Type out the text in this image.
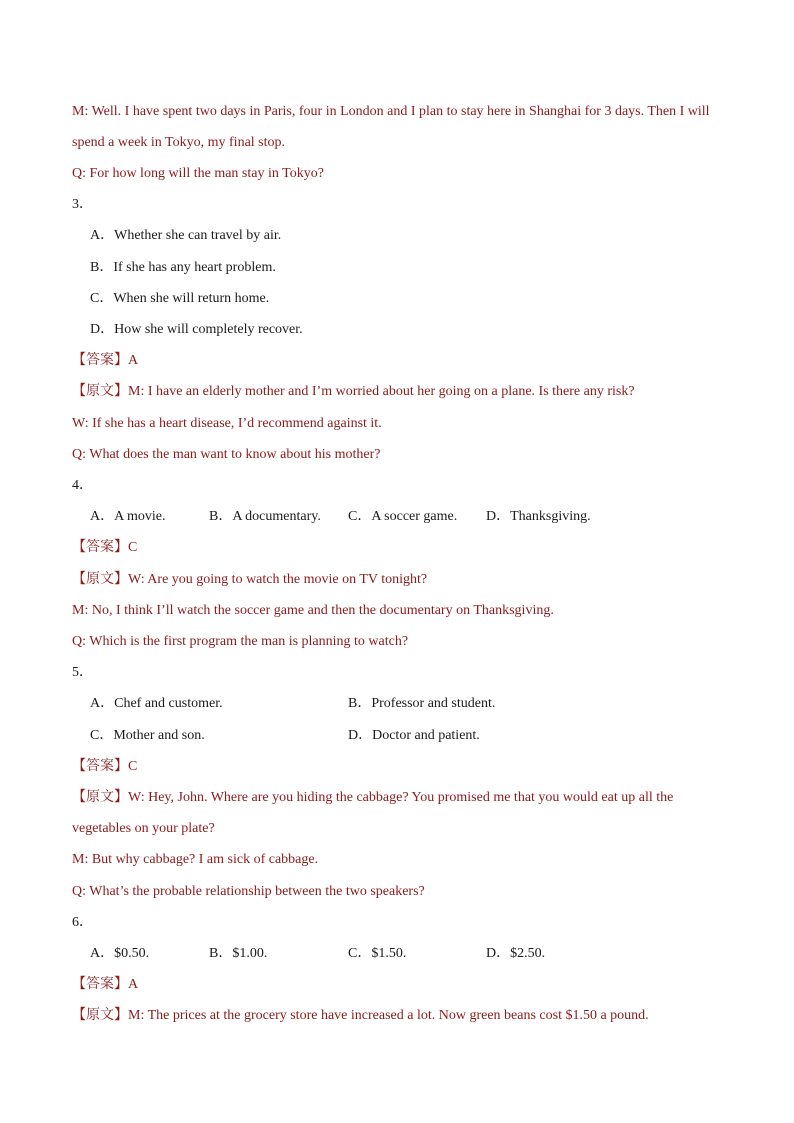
M: Well. I have spent two days in Paris, four in London and I plan to stay here in Shanghai for 3 days. Then I will
spend a week in Tokyo, my final stop.
Q: For how long will the man stay in Tokyo?
3．
A．Whether she can travel by air.
B．If she has any heart problem.
C．When she will return home.
D．How she will completely recover.
【答案】A
【原文】M: I have an elderly mother and I’m worried about her going on a plane. Is there any risk?
W: If she has a heart disease, I’d recommend against it.
Q: What does the man want to know about his mother?
4．
A．A movie.	B．A documentary. C．A soccer game. D．Thanksgiving.
【答案】C
【原文】W: Are you going to watch the movie on TV tonight?
M: No, I think I’ll watch the soccer game and then the documentary on Thanksgiving.
Q: Which is the first program the man is planning to watch?
5．
A．Chef and customer.	B．Professor and student.
C．Mother and son.	D．Doctor and patient.
【答案】C
【原文】W: Hey, John. Where are you hiding the cabbage? You promised me that you would eat up all the
vegetables on your plate?
M: But why cabbage? I am sick of cabbage.
Q: What’s the probable relationship between the two speakers?
6．
A．$0.50.	B．$1.00.	C．$1.50.	D．$2.50.
【答案】A
【原文】M: The prices at the grocery store have increased a lot. Now green beans cost $1.50 a pound.
